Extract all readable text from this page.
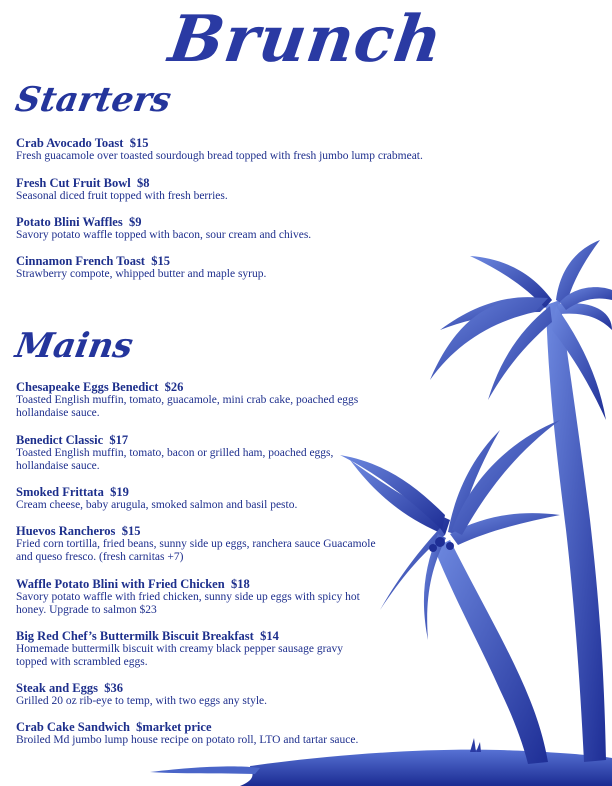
Brunch
Starters
Crab Avocado Toast $15
Fresh guacamole over toasted sourdough bread topped with fresh jumbo lump crabmeat.
Fresh Cut Fruit Bowl $8
Seasonal diced fruit topped with fresh berries.
Potato Blini Waffles $9
Savory potato waffle topped with bacon, sour cream and chives.
Cinnamon French Toast $15
Strawberry compote, whipped butter and maple syrup.
Mains
Chesapeake Eggs Benedict $26
Toasted English muffin, tomato, guacamole, mini crab cake, poached eggs hollandaise sauce.
Benedict Classic $17
Toasted English muffin, tomato, bacon or grilled ham, poached eggs, hollandaise sauce.
Smoked Frittata $19
Cream cheese, baby arugula, smoked salmon and basil pesto.
Huevos Rancheros $15
Fried corn tortilla, fried beans, sunny side up eggs, ranchera sauce Guacamole and queso fresco. (fresh carnitas +7)
Waffle Potato Blini with Fried Chicken $18
Savory potato waffle with fried chicken, sunny side up eggs with spicy hot honey. Upgrade to salmon $23
Big Red Chef’s Buttermilk Biscuit Breakfast $14
Homemade buttermilk biscuit with creamy black pepper sausage gravy topped with scrambled eggs.
Steak and Eggs $36
Grilled 20 oz rib-eye to temp, with two eggs any style.
Crab Cake Sandwich $market price
Broiled Md jumbo lump house recipe on potato roll, LTO and tartar sauce.
